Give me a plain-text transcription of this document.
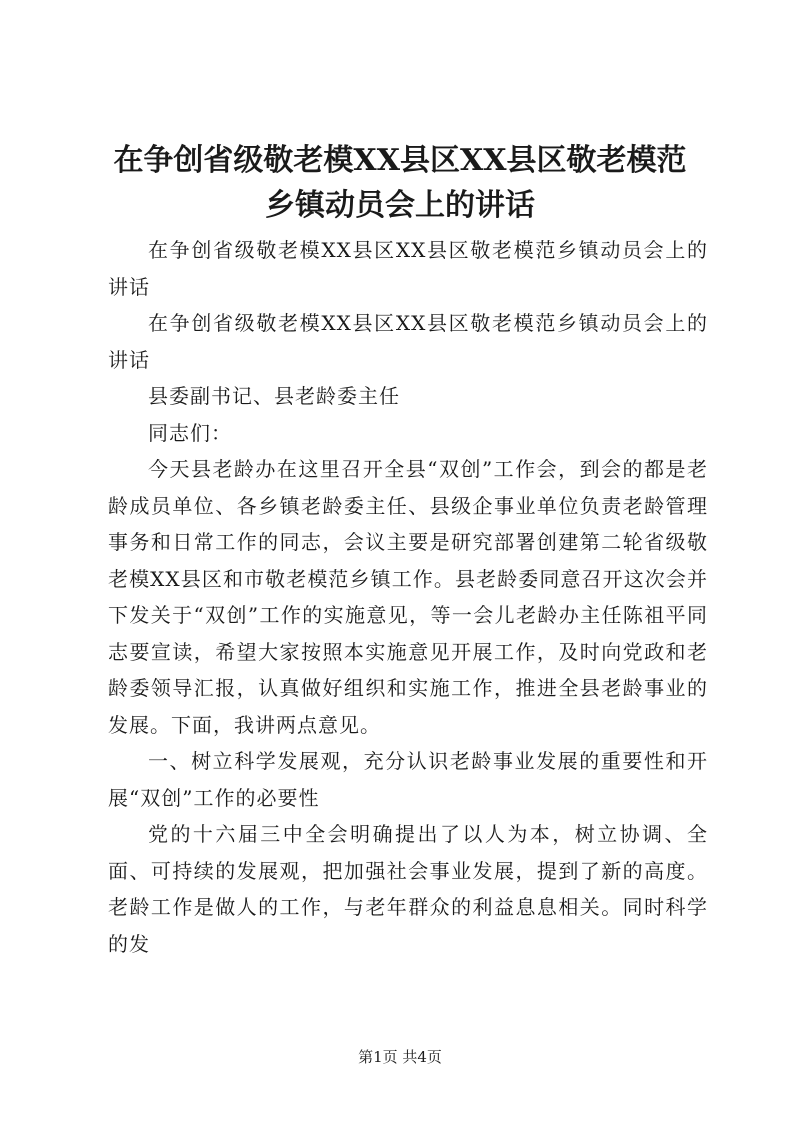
在争创省级敬老模XX县区XX县区敬老模范乡镇动员会上的讲话

在争创省级敬老模XX县区XX县区敬老模范乡镇动员会上的讲话

在争创省级敬老模XX县区XX县区敬老模范乡镇动员会上的讲话

县委副书记、县老龄委主任

同志们：

今天县老龄办在这里召开全县“双创”工作会，到会的都是老龄成员单位、各乡镇老龄委主任、县级企事业单位负责老龄管理事务和日常工作的同志，会议主要是研究部署创建第二轮省级敬老模XX县区和市敬老模范乡镇工作。县老龄委同意召开这次会并下发关于“双创”工作的实施意见，等一会儿老龄办主任陈祖平同志要宣读，希望大家按照本实施意见开展工作，及时向党政和老龄委领导汇报，认真做好组织和实施工作，推进全县老龄事业的发展。下面，我讲两点意见。

一、树立科学发展观，充分认识老龄事业发展的重要性和开展“双创”工作的必要性

党的十六届三中全会明确提出了以人为本，树立协调、全面、可持续的发展观，把加强社会事业发展，提到了新的高度。老龄工作是做人的工作，与老年群众的利益息息相关。同时科学的发

第1页 共4页
